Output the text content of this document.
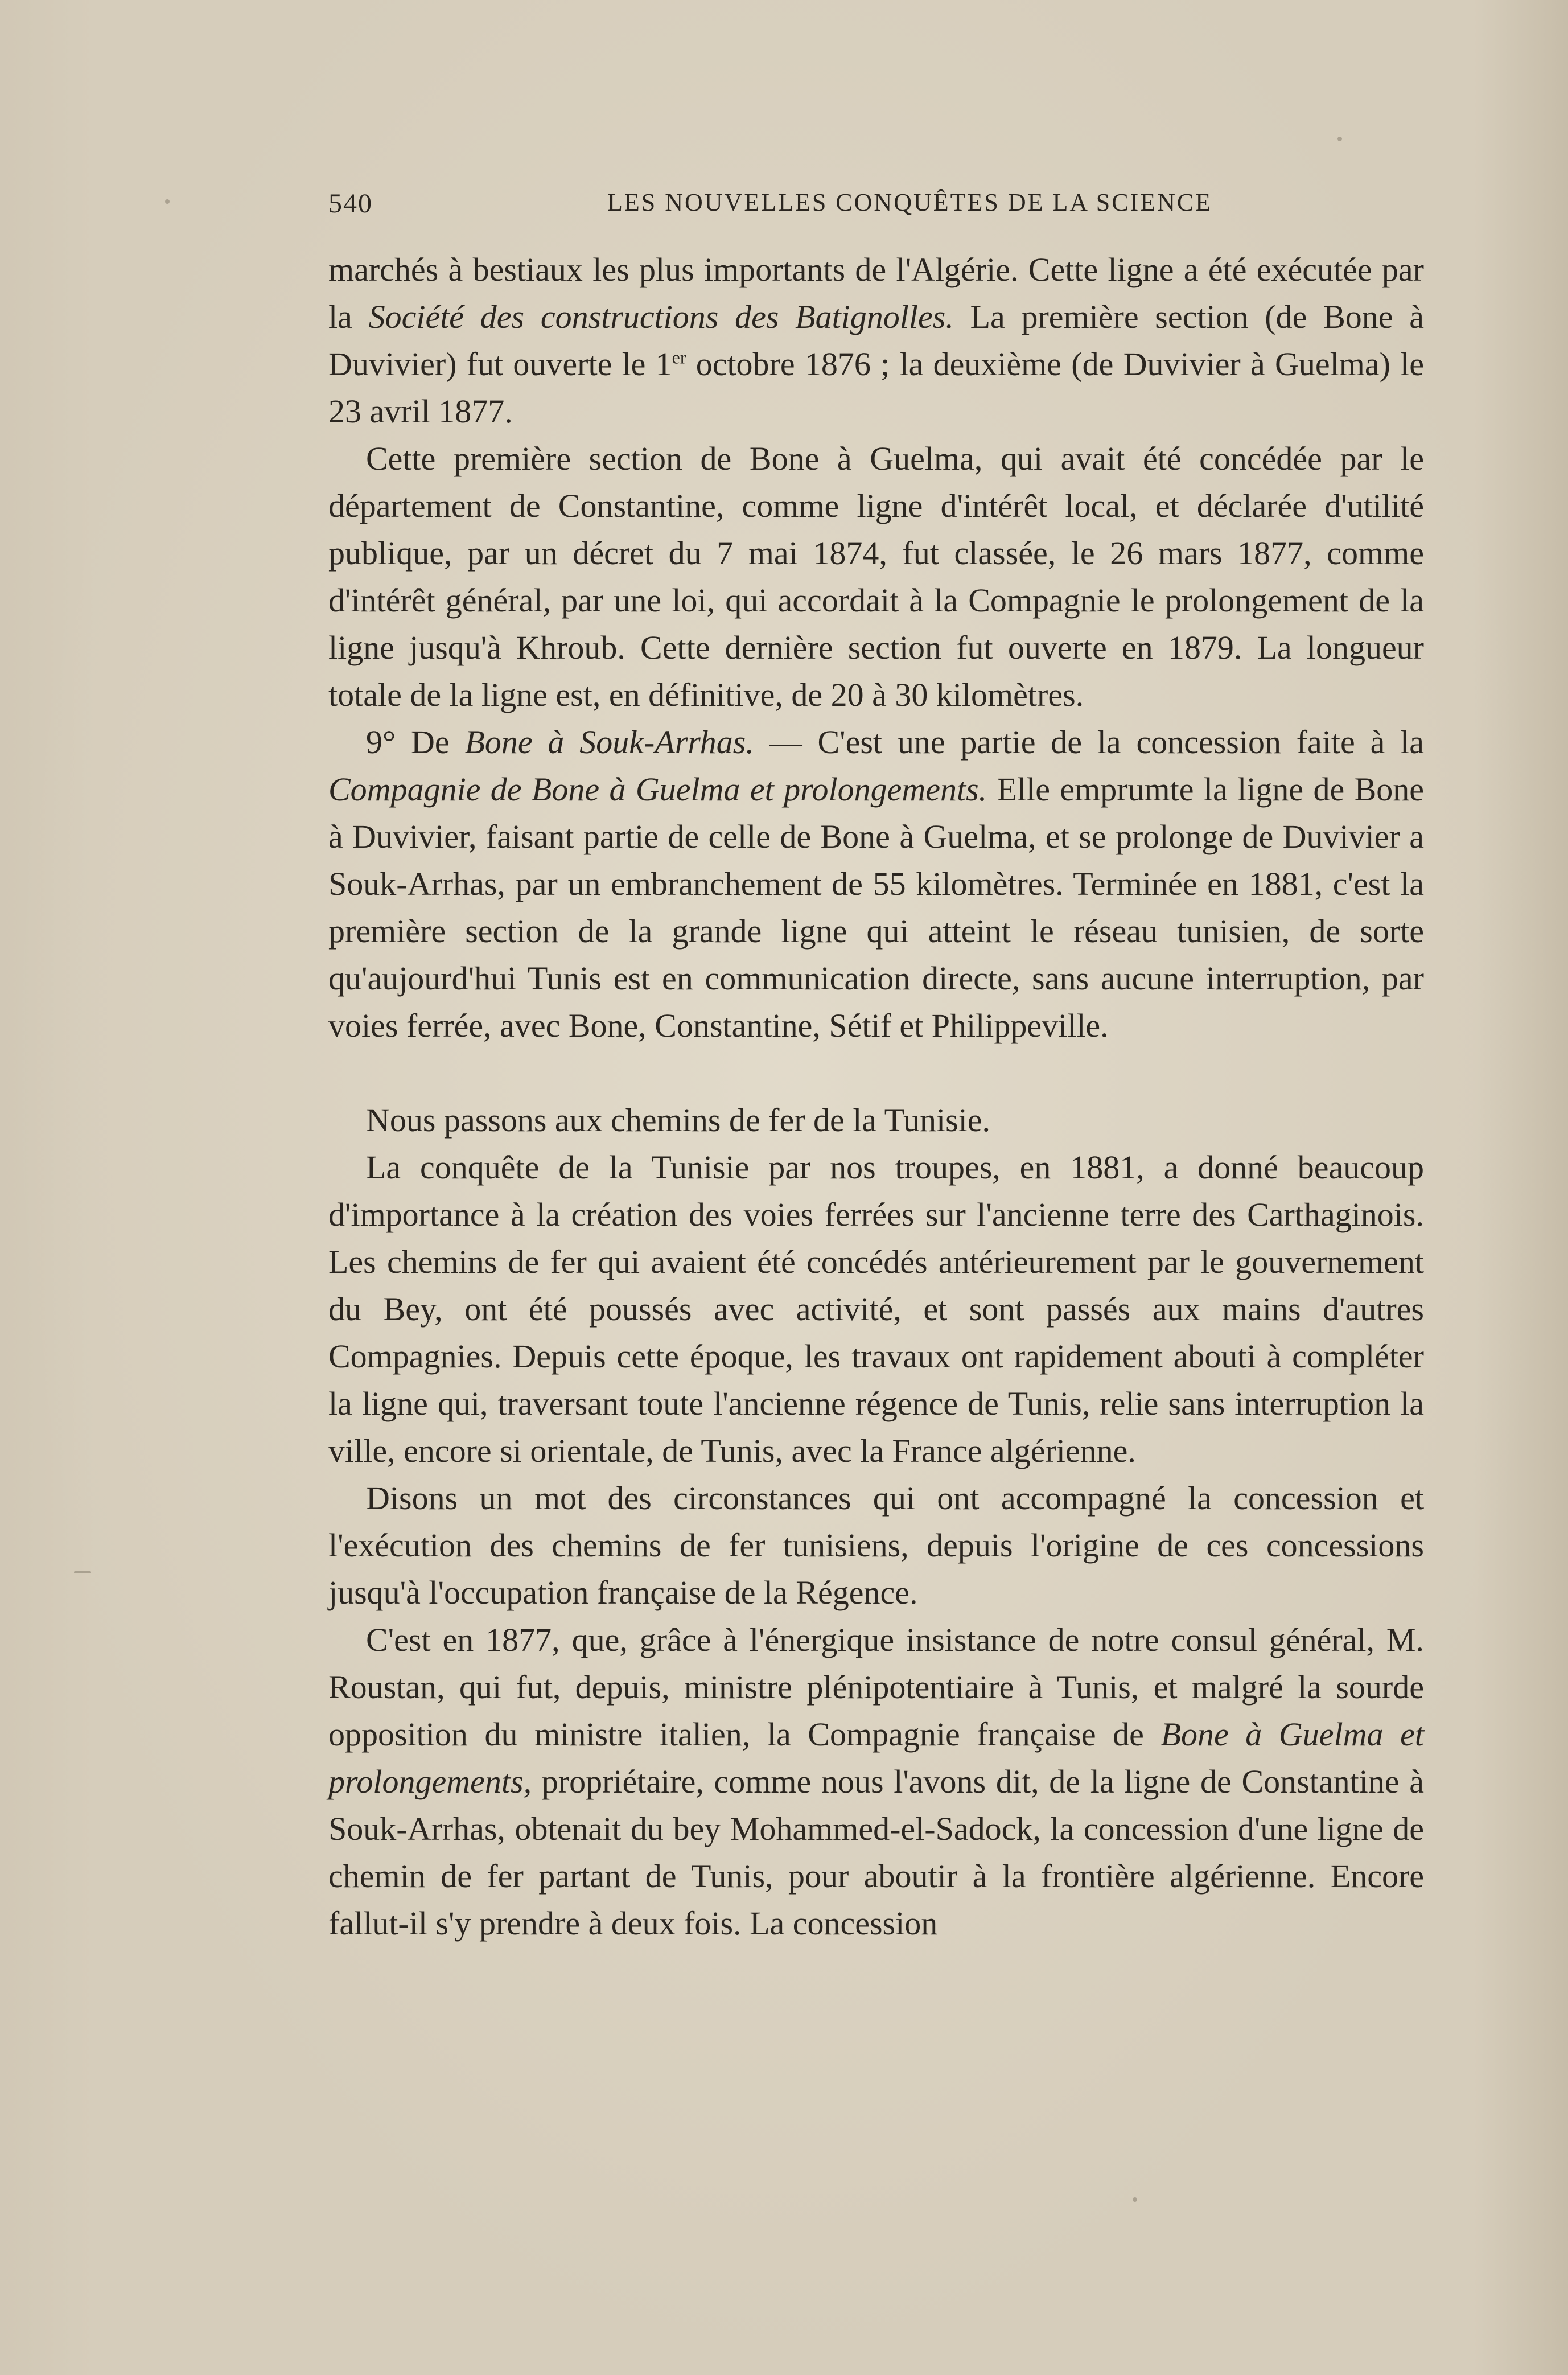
540	LES NOUVELLES CONQUÊTES DE LA SCIENCE

marchés à bestiaux les plus importants de l'Algérie. Cette ligne a été exécutée par la Société des constructions des Batignolles. La première section (de Bone à Duvivier) fut ouverte le 1er octobre 1876 ; la deuxième (de Duvivier à Guelma) le 23 avril 1877.

Cette première section de Bone à Guelma, qui avait été concédée par le département de Constantine, comme ligne d'intérêt local, et déclarée d'utilité publique, par un décret du 7 mai 1874, fut classée, le 26 mars 1877, comme d'intérêt général, par une loi, qui accordait à la Compagnie le prolongement de la ligne jusqu'à Khroub. Cette dernière section fut ouverte en 1879. La longueur totale de la ligne est, en définitive, de 20 à 30 kilomètres.

9° De Bone à Souk-Arrhas. — C'est une partie de la concession faite à la Compagnie de Bone à Guelma et prolongements. Elle emprumte la ligne de Bone à Duvivier, faisant partie de celle de Bone à Guelma, et se prolonge de Duvivier a Souk-Arrhas, par un embranchement de 55 kilomètres. Terminée en 1881, c'est la première section de la grande ligne qui atteint le réseau tunisien, de sorte qu'aujourd'hui Tunis est en communication directe, sans aucune interruption, par voies ferrée, avec Bone, Constantine, Sétif et Philippeville.

Nous passons aux chemins de fer de la Tunisie.

La conquête de la Tunisie par nos troupes, en 1881, a donné beaucoup d'importance à la création des voies ferrées sur l'ancienne terre des Carthaginois. Les chemins de fer qui avaient été concédés antérieurement par le gouvernement du Bey, ont été poussés avec activité, et sont passés aux mains d'autres Compagnies. Depuis cette époque, les travaux ont rapidement abouti à compléter la ligne qui, traversant toute l'ancienne régence de Tunis, relie sans interruption la ville, encore si orientale, de Tunis, avec la France algérienne.

Disons un mot des circonstances qui ont accompagné la concession et l'exécution des chemins de fer tunisiens, depuis l'origine de ces concessions jusqu'à l'occupation française de la Régence.

C'est en 1877, que, grâce à l'énergique insistance de notre consul général, M. Roustan, qui fut, depuis, ministre plénipotentiaire à Tunis, et malgré la sourde opposition du ministre italien, la Compagnie française de Bone à Guelma et prolongements, propriétaire, comme nous l'avons dit, de la ligne de Constantine à Souk-Arrhas, obtenait du bey Mohammed-el-Sadock, la concession d'une ligne de chemin de fer partant de Tunis, pour aboutir à la frontière algérienne. Encore fallut-il s'y prendre à deux fois. La concession
